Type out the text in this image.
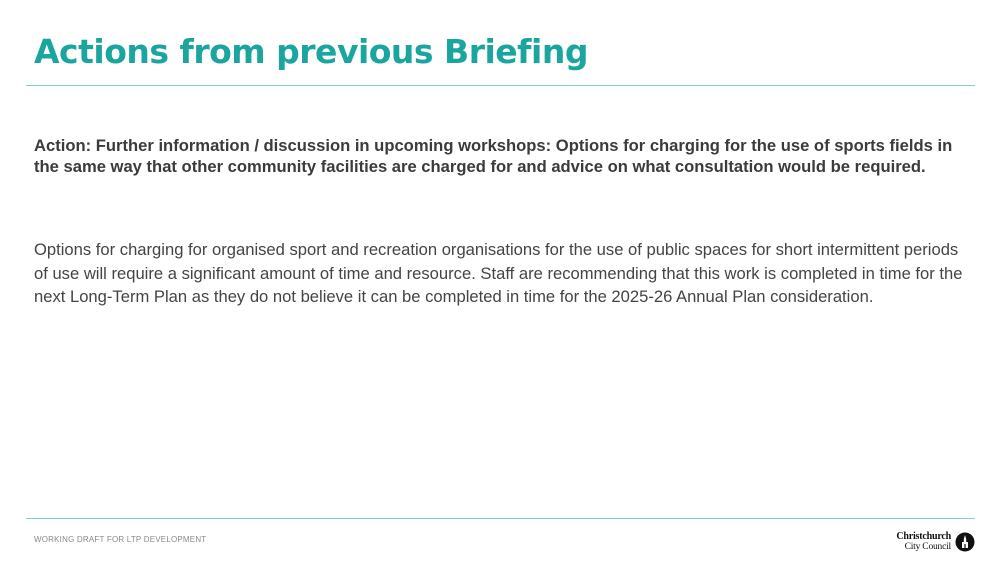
Actions from previous Briefing

Action: Further information / discussion in upcoming workshops: Options for charging for the use of sports fields in the same way that other community facilities are charged for and advice on what consultation would be required.

Options for charging for organised sport and recreation organisations for the use of public spaces for short intermittent periods of use will require a significant amount of time and resource. Staff are recommending that this work is completed in time for the next Long-Term Plan as they do not believe it can be completed in time for the 2025-26 Annual Plan consideration.

WORKING DRAFT FOR LTP DEVELOPMENT	Christchurch
City Council
